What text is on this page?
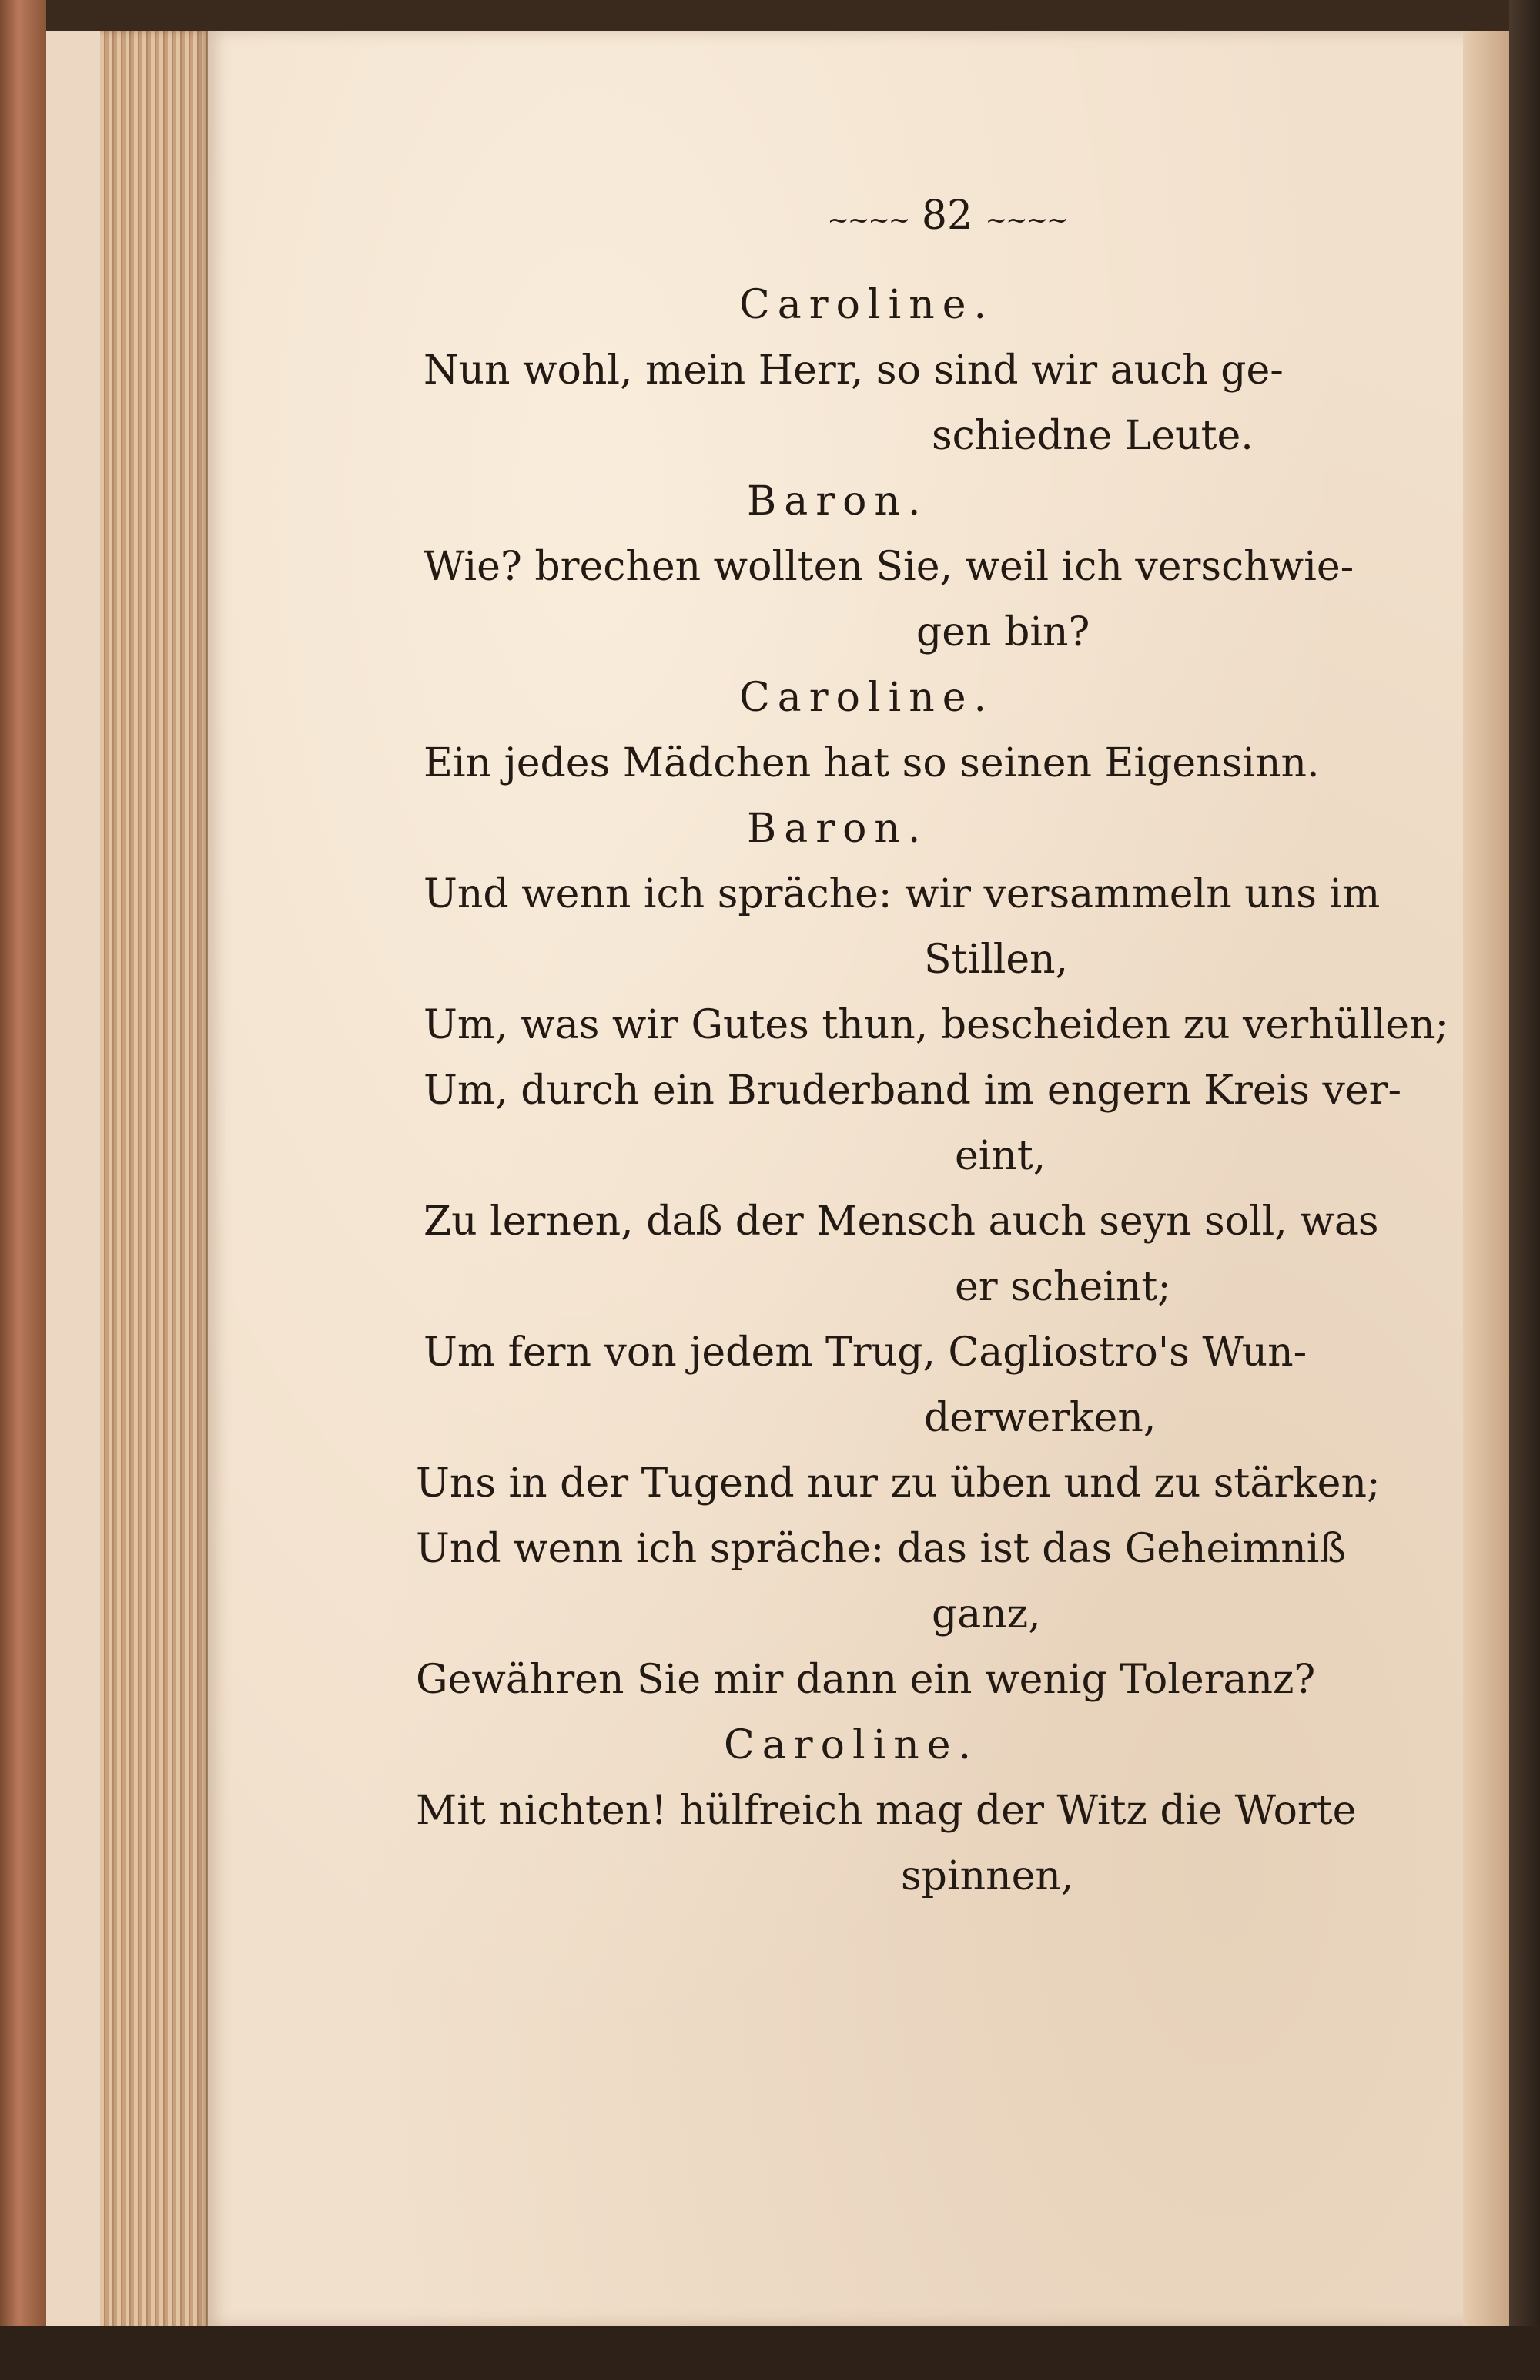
~~~~ 82 ~~~~
Caroline.
Nun wohl, mein Herr, so sind wir auch ge-
schiedne Leute.
Baron.
Wie? brechen wollten Sie, weil ich verschwie-
gen bin?
Caroline.
Ein jedes Mädchen hat so seinen Eigensinn.
Baron.
Und wenn ich spräche: wir versammeln uns im
Stillen,
Um, was wir Gutes thun, bescheiden zu verhüllen;
Um, durch ein Bruderband im engern Kreis ver-
eint,
Zu lernen, daß der Mensch auch seyn soll, was
er scheint;
Um fern von jedem Trug, Cagliostro's Wun-
derwerken,
Uns in der Tugend nur zu üben und zu stärken;
Und wenn ich spräche: das ist das Geheimniß
ganz,
Gewähren Sie mir dann ein wenig Toleranz?
Caroline.
Mit nichten! hülfreich mag der Witz die Worte
spinnen,
